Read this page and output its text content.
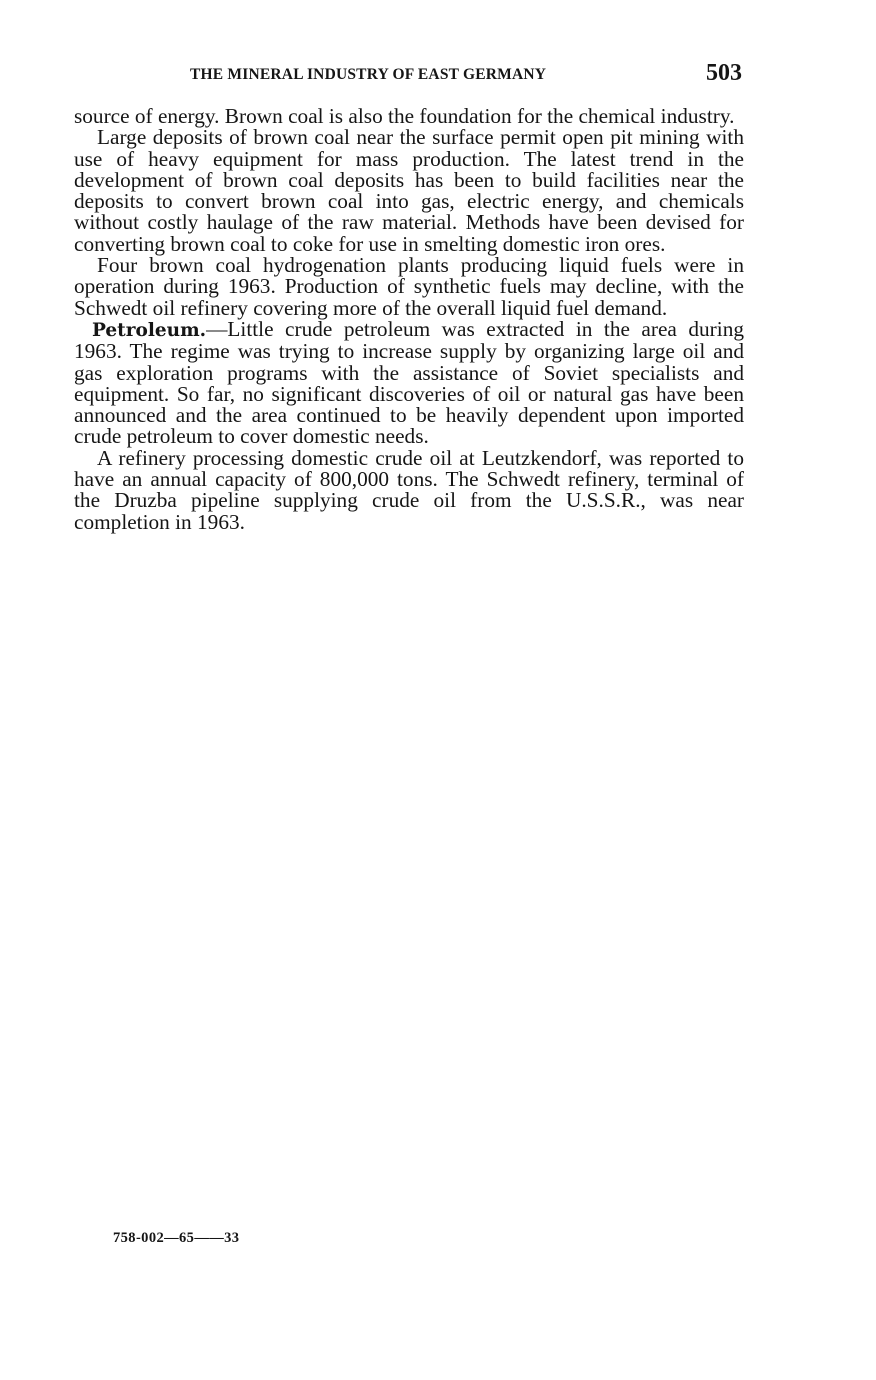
THE MINERAL INDUSTRY OF EAST GERMANY	503

source of energy. Brown coal is also the foundation for the chemical industry.

Large deposits of brown coal near the surface permit open pit mining with use of heavy equipment for mass production. The latest trend in the development of brown coal deposits has been to build facilities near the deposits to convert brown coal into gas, electric energy, and chemicals without costly haulage of the raw material. Methods have been devised for converting brown coal to coke for use in smelting domestic iron ores.

Four brown coal hydrogenation plants producing liquid fuels were in operation during 1963. Production of synthetic fuels may decline, with the Schwedt oil refinery covering more of the overall liquid fuel demand.

Petroleum.—Little crude petroleum was extracted in the area during 1963. The regime was trying to increase supply by organizing large oil and gas exploration programs with the assistance of Soviet specialists and equipment. So far, no significant discoveries of oil or natural gas have been announced and the area continued to be heavily dependent upon imported crude petroleum to cover domestic needs.

A refinery processing domestic crude oil at Leutzkendorf, was reported to have an annual capacity of 800,000 tons. The Schwedt refinery, terminal of the Druzba pipeline supplying crude oil from the U.S.S.R., was near completion in 1963.

758-002—65——33
